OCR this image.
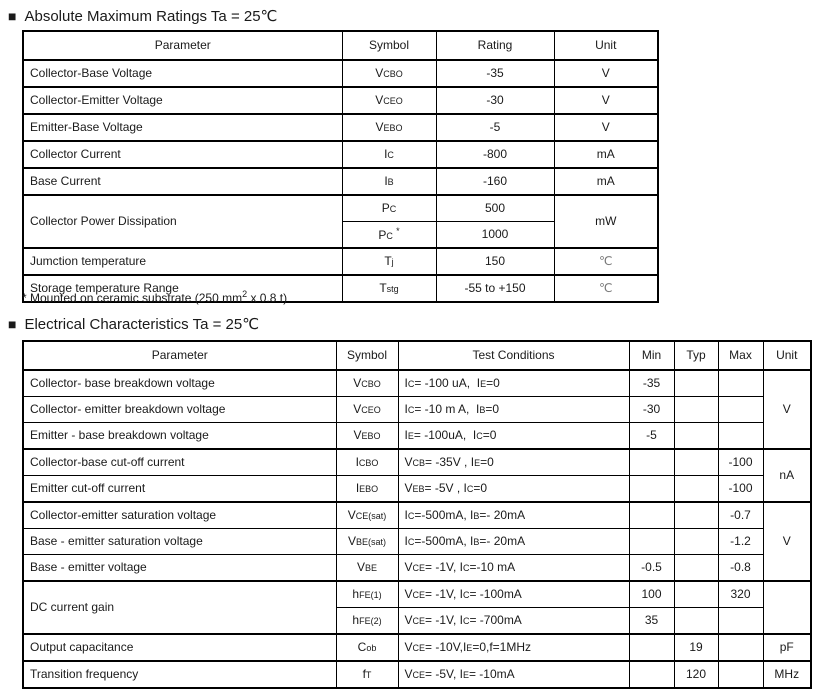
■ Absolute Maximum Ratings Ta = 25℃
Parameter	Symbol	Rating	Unit
Collector-Base Voltage	VCBO	-35	V
Collector-Emitter Voltage	VCEO	-30	V
Emitter-Base Voltage	VEBO	-5	V
Collector Current	IC	-800	mA
Base Current	IB	-160	mA
Collector Power Dissipation	PC	500	mW
	PC *	1000	
Jumction temperature	Tj	150	℃
Storage temperature Range	Tstg	-55 to +150	℃
* Mounted on ceramic substrate (250 $mm^2$ x 0.8 t)
■ Electrical Characteristics Ta = 25℃
Parameter	Symbol	Test Conditions	Min	Typ	Max	Unit
Collector- base breakdown voltage	VCBO	IC= -100 uA,  IE=0	-35			V
Collector- emitter breakdown voltage	VCEO	IC= -10 m A,  IB=0	-30			
Emitter - base breakdown voltage	VEBO	IE= -100uA,  IC=0	-5			
Collector-base cut-off current	ICBO	VCB= -35V , IE=0			-100	nA
Emitter cut-off current	IEBO	VEB= -5V , IC=0			-100	
Collector-emitter saturation voltage	VCE(sat)	IC=-500mA, IB=- 20mA			-0.7	V
Base - emitter saturation voltage	VBE(sat)	IC=-500mA, IB=- 20mA			-1.2	
Base - emitter voltage	VBE	VCE= -1V, IC=-10 mA	-0.5		-0.8	
DC current gain	hFE(1)	VCE= -1V, IC= -100mA	100		320	
	hFE(2)	VCE= -1V, IC= -700mA	35			
Output capacitance	Cob	VCE= -10V,IE=0,f=1MHz		19		pF
Transition frequency	fT	VCE= -5V, IE= -10mA		120		MHz
